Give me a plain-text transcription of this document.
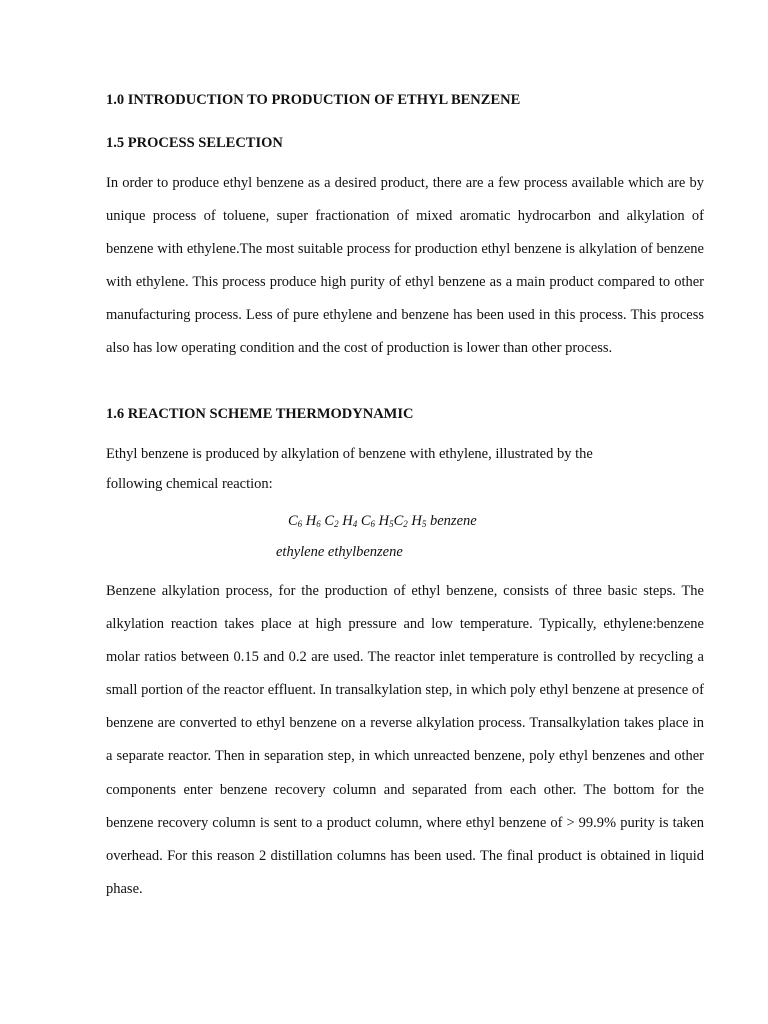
1.0 INTRODUCTION TO PRODUCTION OF ETHYL BENZENE
1.5 PROCESS SELECTION

In order to produce ethyl benzene as a desired product, there are a few process available which are by unique process of toluene, super fractionation of mixed aromatic hydrocarbon and alkylation of benzene with ethylene.The most suitable process for production ethyl benzene is alkylation of benzene with ethylene. This process produce high purity of ethyl benzene as a main product compared to other manufacturing process. Less of pure ethylene and benzene has been used in this process. This process also has low operating condition and the cost of production is lower than other process.

1.6 REACTION SCHEME THERMODYNAMIC

Ethyl benzene is produced by alkylation of benzene with ethylene, illustrated by the

following chemical reaction:

$C_6$ $H_6$ $C_2$ $H_4$ $C_6$ $H_5C_2$ $H_5$ benzene

ethylene ethylbenzene

Benzene alkylation process, for the production of ethyl benzene, consists of three basic steps. The alkylation reaction takes place at high pressure and low temperature. Typically, ethylene:benzene molar ratios between 0.15 and 0.2 are used. The reactor inlet temperature is controlled by recycling a small portion of the reactor effluent. In transalkylation step, in which poly ethyl benzene at presence of benzene are converted to ethyl benzene on a reverse alkylation process. Transalkylation takes place in a separate reactor. Then in separation step, in which unreacted benzene, poly ethyl benzenes and other components enter benzene recovery column and separated from each other. The bottom for the benzene recovery column is sent to a product column, where ethyl benzene of > 99.9% purity is taken overhead. For this reason 2 distillation columns has been used. The final product is obtained in liquid phase.
